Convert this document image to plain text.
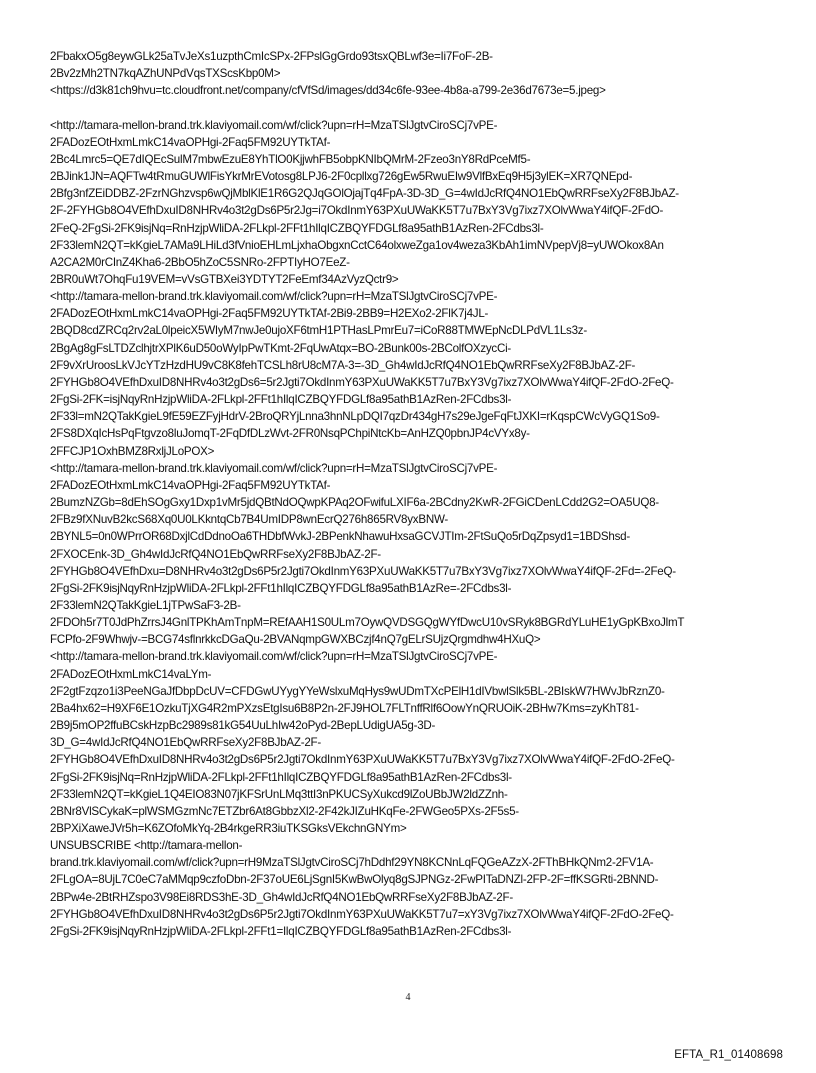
2FbakxO5g8eywGLk25aTvJeXs1uzpthCmIcSPx-2FPslGgGrdo93tsxQBLwf3e=Ii7FoF-2B-
2Bv2zMh2TN7kqAZhUNPdVqsTXScsKbp0M>
<https://d3k81ch9hvu=tc.cloudfront.net/company/cfVfSd/images/dd34c6fe-93ee-4b8a-a799-2e36d7673e=5.jpeg>
<http://tamara-mellon-brand.trk.klaviyomail.com/wf/click?upn=rH=MzaTSlJgtvCiroSCj7vPE-
2FADozEOtHxmLmkC14vaOPHgi-2Faq5FM92UYTkTAf-
2Bc4Lmrc5=QE7dIQEcSulM7mbwEzuE8YhTlO0KjjwhFB5obpKNIbQMrM-2Fzeo3nY8RdPceMf5-
2BJink1JN=AQFTw4tRmuGUWlFisYkrMrEVotosg8LPJ6-2F0cpllxg726gEw5RwuEIw9VlfBxEq9H5j3ylEK=XR7QNEpd-
2Bfg3nfZEiDDBZ-2FzrNGhzvsp6wQjMblKlE1R6G2QJqGOlOjajTq4FpA-3D-3D_G=4wIdJcRfQ4NO1EbQwRRFseXy2F8BJbAZ-
2F-2FYHGb8O4VEfhDxuID8NHRv4o3t2gDs6P5r2Jg=i7OkdInmY63PXuUWaKK5T7u7BxY3Vg7ixz7XOlvWwaY4ifQF-2FdO-
2FeQ-2FgSi-2FK9isjNq=RnHzjpWliDA-2FLkpl-2FFt1hIlqICZBQYFDGLf8a95athB1AzRen-2FCdbs3l-
2F33lemN2QT=kKgieL7AMa9LHiLd3fVnioEHLmLjxhaObgxnCctC64olxweZga1ov4weza3KbAh1imNVpepVj8=yUWOkox8An
A2CA2M0rCInZ4Kha6-2BbO5hZoC5SNRo-2FPTIyHO7EeZ-
2BR0uWt7OhqFu19VEM=vVsGTBXei3YDTYT2FeEmf34AzVyzQctr9>
<http://tamara-mellon-brand.trk.klaviyomail.com/wf/click?upn=rH=MzaTSlJgtvCiroSCj7vPE-
2FADozEOtHxmLmkC14vaOPHgi-2Faq5FM92UYTkTAf-2Bi9-2BB9=H2EXo2-2FlK7j4JL-
2BQD8cdZRCq2rv2aL0lpeicX5WIyM7nwJe0ujoXF6tmH1PTHasLPmrEu7=iCoR88TMWEpNcDLPdVL1Ls3z-
2BgAg8gFsLTDZclhjtrXPlK6uD50oWyIpPwTKmt-2FqUwAtqx=BO-2Bunk00s-2BColfOXzycCi-
2F9vXrUroosLkVJcYTzHzdHU9vC8K8fehTCSLh8rU8cM7A-3=-3D_Gh4wIdJcRfQ4NO1EbQwRRFseXy2F8BJbAZ-2F-
2FYHGb8O4VEfhDxuID8NHRv4o3t2gDs6=5r2Jgti7OkdInmY63PXuUWaKK5T7u7BxY3Vg7ixz7XOlvWwaY4ifQF-2FdO-2FeQ-
2FgSi-2FK=isjNqyRnHzjpWliDA-2FLkpl-2FFt1hIlqICZBQYFDGLf8a95athB1AzRen-2FCdbs3l-
2F33l=mN2QTakKgieL9fE59EZFyjHdrV-2BroQRYjLnna3hnNLpDQI7qzDr434gH7s29eJgeFqFtJXKI=rKqspCWcVyGQ1So9-
2FS8DXqIcHsPqFtgvzo8luJomqT-2FqDfDLzWvt-2FR0NsqPChpiNtcKb=AnHZQ0pbnJP4cVYx8y-
2FFCJP1OxhBMZ8RxljJLoPOX>
<http://tamara-mellon-brand.trk.klaviyomail.com/wf/click?upn=rH=MzaTSlJgtvCiroSCj7vPE-
2FADozEOtHxmLmkC14vaOPHgi-2Faq5FM92UYTkTAf-
2BumzNZGb=8dEhSOgGxy1Dxp1vMr5jdQBtNdOQwpKPAq2OFwifuLXIF6a-2BCdny2KwR-2FGiCDenLCdd2G2=OA5UQ8-
2FBz9fXNuvB2kcS68Xq0U0LKkntqCb7B4UmIDP8wnEcrQ276h865RV8yxBNW-
2BYNL5=0n0WPrrOR68DxjlCdDdnoOa6THDbfWvkJ-2BPenkNhawuHxsaGCVJTIm-2FtSuQo5rDqZpsyd1=1BDShsd-
2FXOCEnk-3D_Gh4wIdJcRfQ4NO1EbQwRRFseXy2F8BJbAZ-2F-
2FYHGb8O4VEfhDxu=D8NHRv4o3t2gDs6P5r2Jgti7OkdInmY63PXuUWaKK5T7u7BxY3Vg7ixz7XOlvWwaY4ifQF-2Fd=-2FeQ-
2FgSi-2FK9isjNqyRnHzjpWliDA-2FLkpl-2FFt1hIlqICZBQYFDGLf8a95athB1AzRe=-2FCdbs3l-
2F33lemN2QTakKgieL1jTPwSaF3-2B-
2FDOh5r7T0JdPhZrrsJ4GnlTPKhAmTnpM=REfAAH1S0ULm7OywQVDSGQgWYfDwcU10vSRyk8BGRdYLuHE1yGpKBxoJlmT
FCPfo-2F9Whwjv-=BCG74sflnrkkcDGaQu-2BVANqmpGWXBCzjf4nQ7gELrSUjzQrgmdhw4HXuQ>
<http://tamara-mellon-brand.trk.klaviyomail.com/wf/click?upn=rH=MzaTSlJgtvCiroSCj7vPE-
2FADozEOtHxmLmkC14vaLYm-
2F2gtFzqzo1i3PeeNGaJfDbpDcUV=CFDGwUYygYYeWslxuMqHys9wUDmTXcPElH1dIVbwlSlk5BL-2BIskW7HWvJbRznZ0-
2Ba4hx62=H9XF6E1OzkuTjXG4R2mPXzsEtgIsu6B8P2n-2FJ9HOL7FLTnffRlf6OowYnQRUOiK-2BHw7Kms=zyKhT81-
2B9j5mOP2ffuBCskHzpBc2989s81kG54UuLhIw42oPyd-2BepLUdigUA5g-3D-
3D_G=4wIdJcRfQ4NO1EbQwRRFseXy2F8BJbAZ-2F-
2FYHGb8O4VEfhDxuID8NHRv4o3t2gDs6P5r2Jgti7OkdInmY63PXuUWaKK5T7u7BxY3Vg7ixz7XOlvWwaY4ifQF-2FdO-2FeQ-
2FgSi-2FK9isjNq=RnHzjpWliDA-2FLkpl-2FFt1hIlqICZBQYFDGLf8a95athB1AzRen-2FCdbs3l-
2F33lemN2QT=kKgieL1Q4EIO83N07jKFSrUnLMq3ttI3nPKUCSyXukcd9lZoUBbJW2ldZZnh-
2BNr8VlSCykaK=plWSMGzmNc7ETZbr6At8GbbzXl2-2F42kJIZuHKqFe-2FWGeo5PXs-2F5s5-
2BPXiXaweJVr5h=K6ZOfoMkYq-2B4rkgeRR3iuTKSGksVEkchnGNYm>
UNSUBSCRIBE <http://tamara-mellon-
brand.trk.klaviyomail.com/wf/click?upn=rH9MzaTSlJgtvCiroSCj7hDdhf29YN8KCNnLqFQGeAZzX-2FThBHkQNm2-2FV1A-
2FLgOA=8UjL7C0eC7aMMqp9czfoDbn-2F37oUE6LjSgnI5KwBwOlyq8gSJPNGz-2FwPITaDNZl-2FP-2F=ffKSGRti-2BNND-
2BPw4e-2BtRHZspo3V98Ei8RDS3hE-3D_Gh4wIdJcRfQ4NO1EbQwRRFseXy2F8BJbAZ-2F-
2FYHGb8O4VEfhDxuID8NHRv4o3t2gDs6P5r2Jgti7OkdInmY63PXuUWaKK5T7u7=xY3Vg7ixz7XOlvWwaY4ifQF-2FdO-2FeQ-
2FgSi-2FK9isjNqyRnHzjpWliDA-2FLkpl-2FFt1=IlqICZBQYFDGLf8a95athB1AzRen-2FCdbs3l-
4
EFTA_R1_01408698
